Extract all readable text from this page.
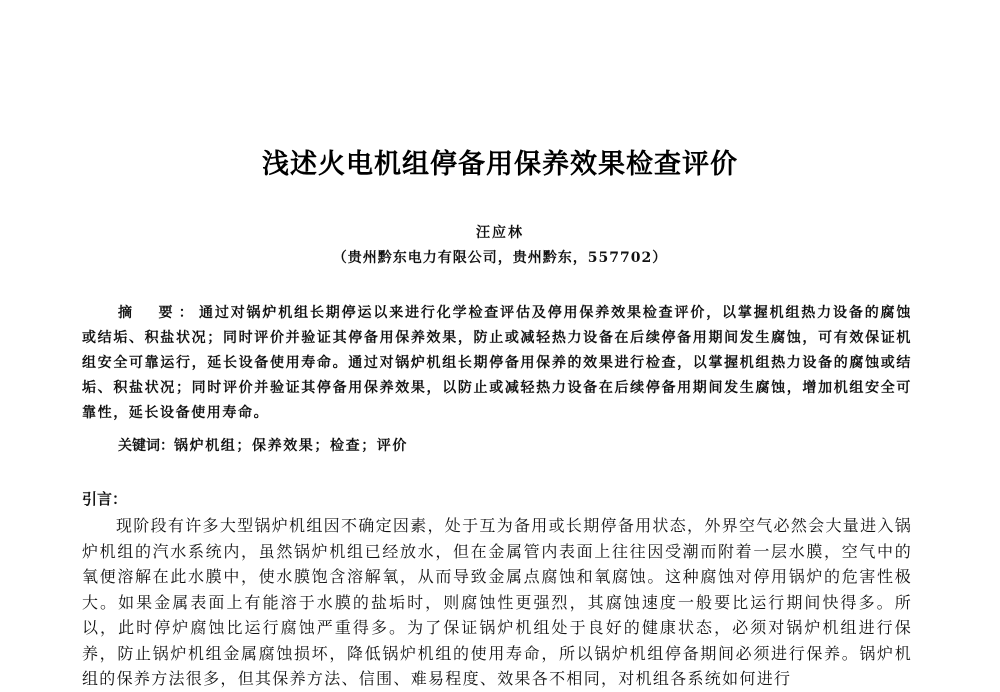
浅述火电机组停备用保养效果检查评价
汪应林
（贵州黔东电力有限公司，贵州黔东，557702）
摘　要：通过对锅炉机组长期停运以来进行化学检查评估及停用保养效果检查评价，以掌握机组热力设备的腐蚀或结垢、积盐状况；同时评价并验证其停备用保养效果，防止或减轻热力设备在后续停备用期间发生腐蚀，可有效保证机组安全可靠运行，延长设备使用寿命。通过对锅炉机组长期停备用保养的效果进行检查，以掌握机组热力设备的腐蚀或结垢、积盐状况；同时评价并验证其停备用保养效果，以防止或减轻热力设备在后续停备用期间发生腐蚀，增加机组安全可靠性，延长设备使用寿命。
关键词：锅炉机组；保养效果；检查；评价
引言：
现阶段有许多大型锅炉机组因不确定因素，处于互为备用或长期停备用状态，外界空气必然会大量进入锅炉机组的汽水系统内，虽然锅炉机组已经放水，但在金属管内表面上往往因受潮而附着一层水膜，空气中的氧便溶解在此水膜中，使水膜饱含溶解氧，从而导致金属点腐蚀和氧腐蚀。这种腐蚀对停用锅炉的危害性极大。如果金属表面上有能溶于水膜的盐垢时，则腐蚀性更强烈，其腐蚀速度一般要比运行期间快得多。所以，此时停炉腐蚀比运行腐蚀严重得多。为了保证锅炉机组处于良好的健康状态，必须对锅炉机组进行保养，防止锅炉机组金属腐蚀损坏，降低锅炉机组的使用寿命，所以锅炉机组停备期间必须进行保养。锅炉机组的保养方法很多，但其保养方法、信围、难易程度、效果各不相同，对机组各系统如何进行
